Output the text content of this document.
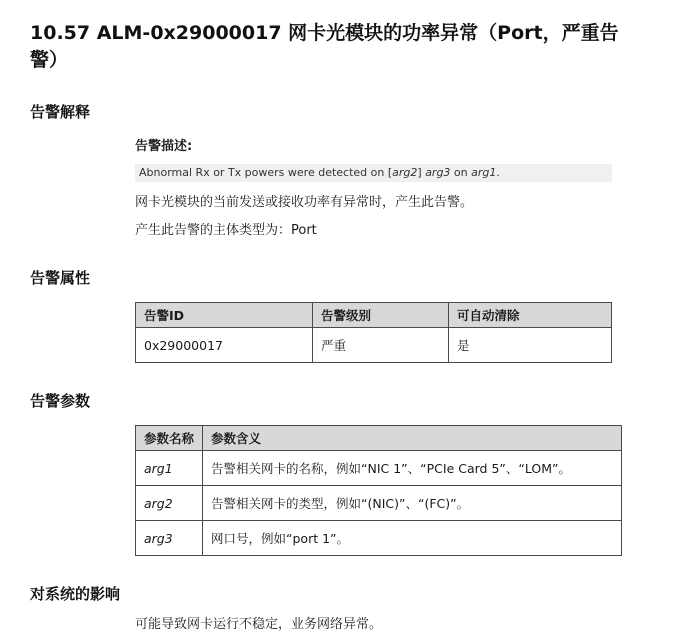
10.57 ALM-0x29000017 网卡光模块的功率异常（Port，严重告警）
告警解释

告警描述:

Abnormal Rx or Tx powers were detected on [arg2] arg3 on arg1.

网卡光模块的当前发送或接收功率有异常时，产生此告警。

产生此告警的主体类型为：Port

告警属性
告警ID	告警级别	可自动清除
0x29000017	严重	是
告警参数
参数名称	参数含义
arg1	告警相关网卡的名称，例如“NIC 1”、“PCIe Card 5”、“LOM”。
arg2	告警相关网卡的类型，例如“(NIC)”、“(FC)”。
arg3	网口号，例如“port 1”。
对系统的影响

可能导致网卡运行不稳定，业务网络异常。
